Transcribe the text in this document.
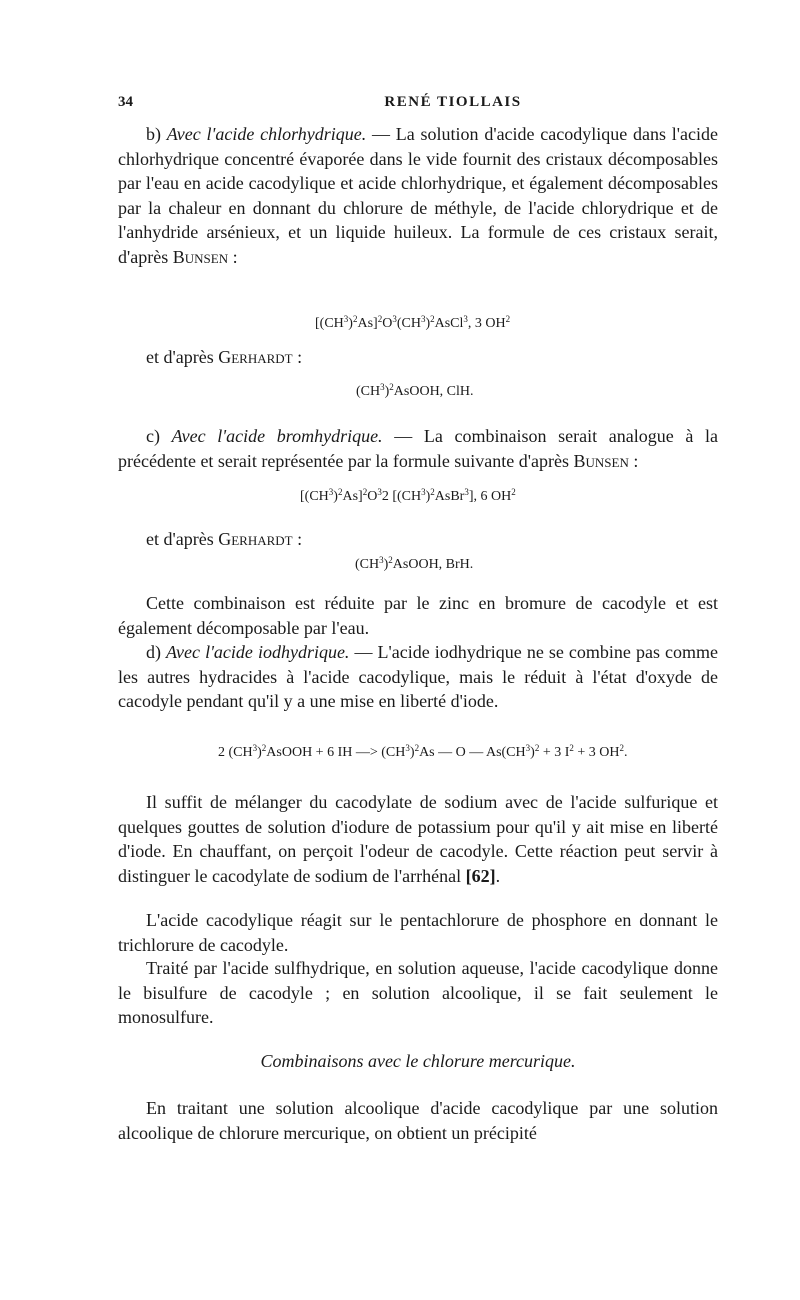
34	RENÉ TIOLLAIS

b) Avec l'acide chlorhydrique. — La solution d'acide cacodylique dans l'acide chlorhydrique concentré évaporée dans le vide fournit des cristaux décomposables par l'eau en acide cacodylique et acide chlorhydrique, et également décomposables par la chaleur en donnant du chlorure de méthyle, de l'acide chlorydrique et de l'anhydride arsénieux, et un liquide huileux. La formule de ces cristaux serait, d'après Bunsen :

$[(CH^3)^2As]^2O^3(CH^3)^2AsCl^3$, 3 $OH^2$

et d'après Gerhardt :

$(CH^3)^2AsOOH$, ClH.

c) Avec l'acide bromhydrique. — La combinaison serait analogue à la précédente et serait représentée par la formule suivante d'après Bunsen :

$[(CH^3)^2As]^2O^32$ $[(CH^3)^2AsBr^3]$, 6 $OH^2$

et d'après Gerhardt :

$(CH^3)^2AsOOH$, BrH.

Cette combinaison est réduite par le zinc en bromure de cacodyle et est également décomposable par l'eau.

d) Avec l'acide iodhydrique. — L'acide iodhydrique ne se combine pas comme les autres hydracides à l'acide cacodylique, mais le réduit à l'état d'oxyde de cacodyle pendant qu'il y a une mise en liberté d'iode.

2 $(CH^3)^2AsOOH + 6$ IH —> $(CH^3)^2As$ — O — $As(CH^3)^2 + 3$ $I^2 + 3$ $OH^2$.

Il suffit de mélanger du cacodylate de sodium avec de l'acide sulfurique et quelques gouttes de solution d'iodure de potassium pour qu'il y ait mise en liberté d'iode. En chauffant, on perçoit l'odeur de cacodyle. Cette réaction peut servir à distinguer le cacodylate de sodium de l'arrhénal [62].

L'acide cacodylique réagit sur le pentachlorure de phosphore en donnant le trichlorure de cacodyle.

Traité par l'acide sulfhydrique, en solution aqueuse, l'acide cacodylique donne le bisulfure de cacodyle ; en solution alcoolique, il se fait seulement le monosulfure.

Combinaisons avec le chlorure mercurique.

En traitant une solution alcoolique d'acide cacodylique par une solution alcoolique de chlorure mercurique, on obtient un précipité
